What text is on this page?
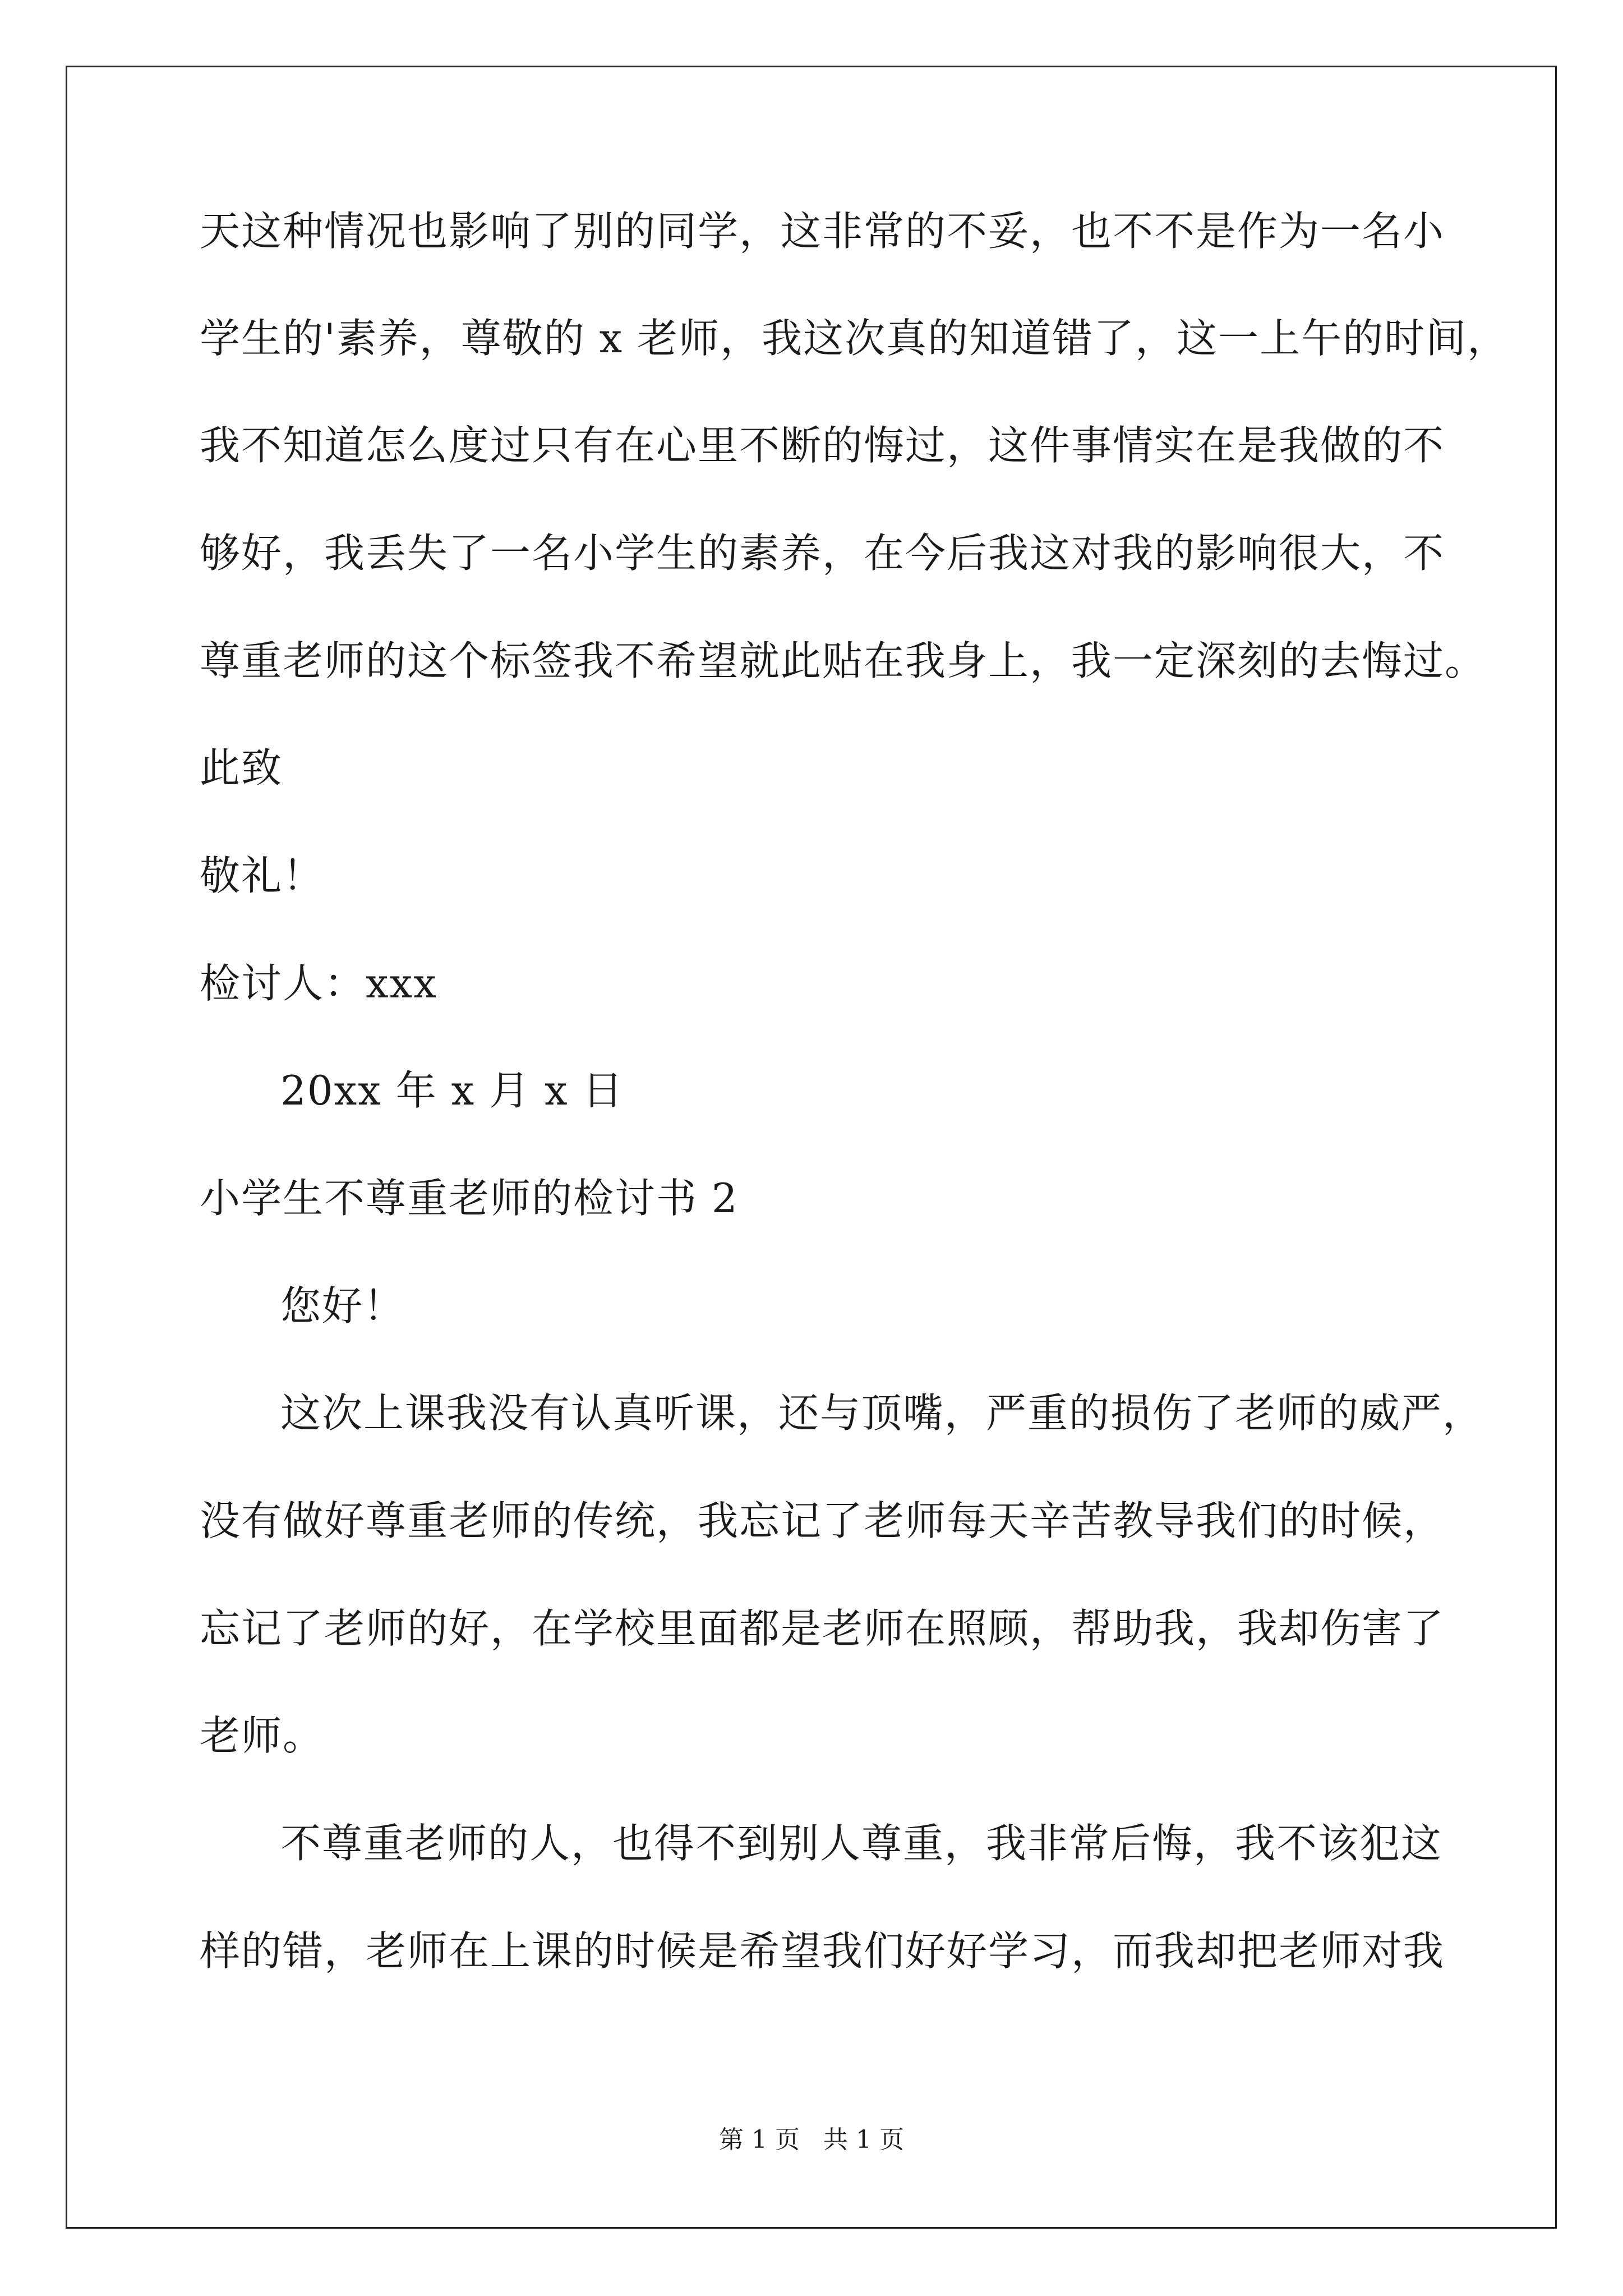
天这种情况也影响了别的同学，这非常的不妥，也不不是作为一名小
学生的'素养，尊敬的 x 老师，我这次真的知道错了，这一上午的时间，
我不知道怎么度过只有在心里不断的悔过，这件事情实在是我做的不
够好，我丢失了一名小学生的素养，在今后我这对我的影响很大，不
尊重老师的这个标签我不希望就此贴在我身上，我一定深刻的去悔过。
此致
敬礼！
检讨人：xxx
20xx 年 x 月 x 日
小学生不尊重老师的检讨书 2
您好！
这次上课我没有认真听课，还与顶嘴，严重的损伤了老师的威严，
没有做好尊重老师的传统，我忘记了老师每天辛苦教导我们的时候，
忘记了老师的好，在学校里面都是老师在照顾，帮助我，我却伤害了
老师。
不尊重老师的人，也得不到别人尊重，我非常后悔，我不该犯这
样的错，老师在上课的时候是希望我们好好学习，而我却把老师对我
第 1 页   共 1 页
